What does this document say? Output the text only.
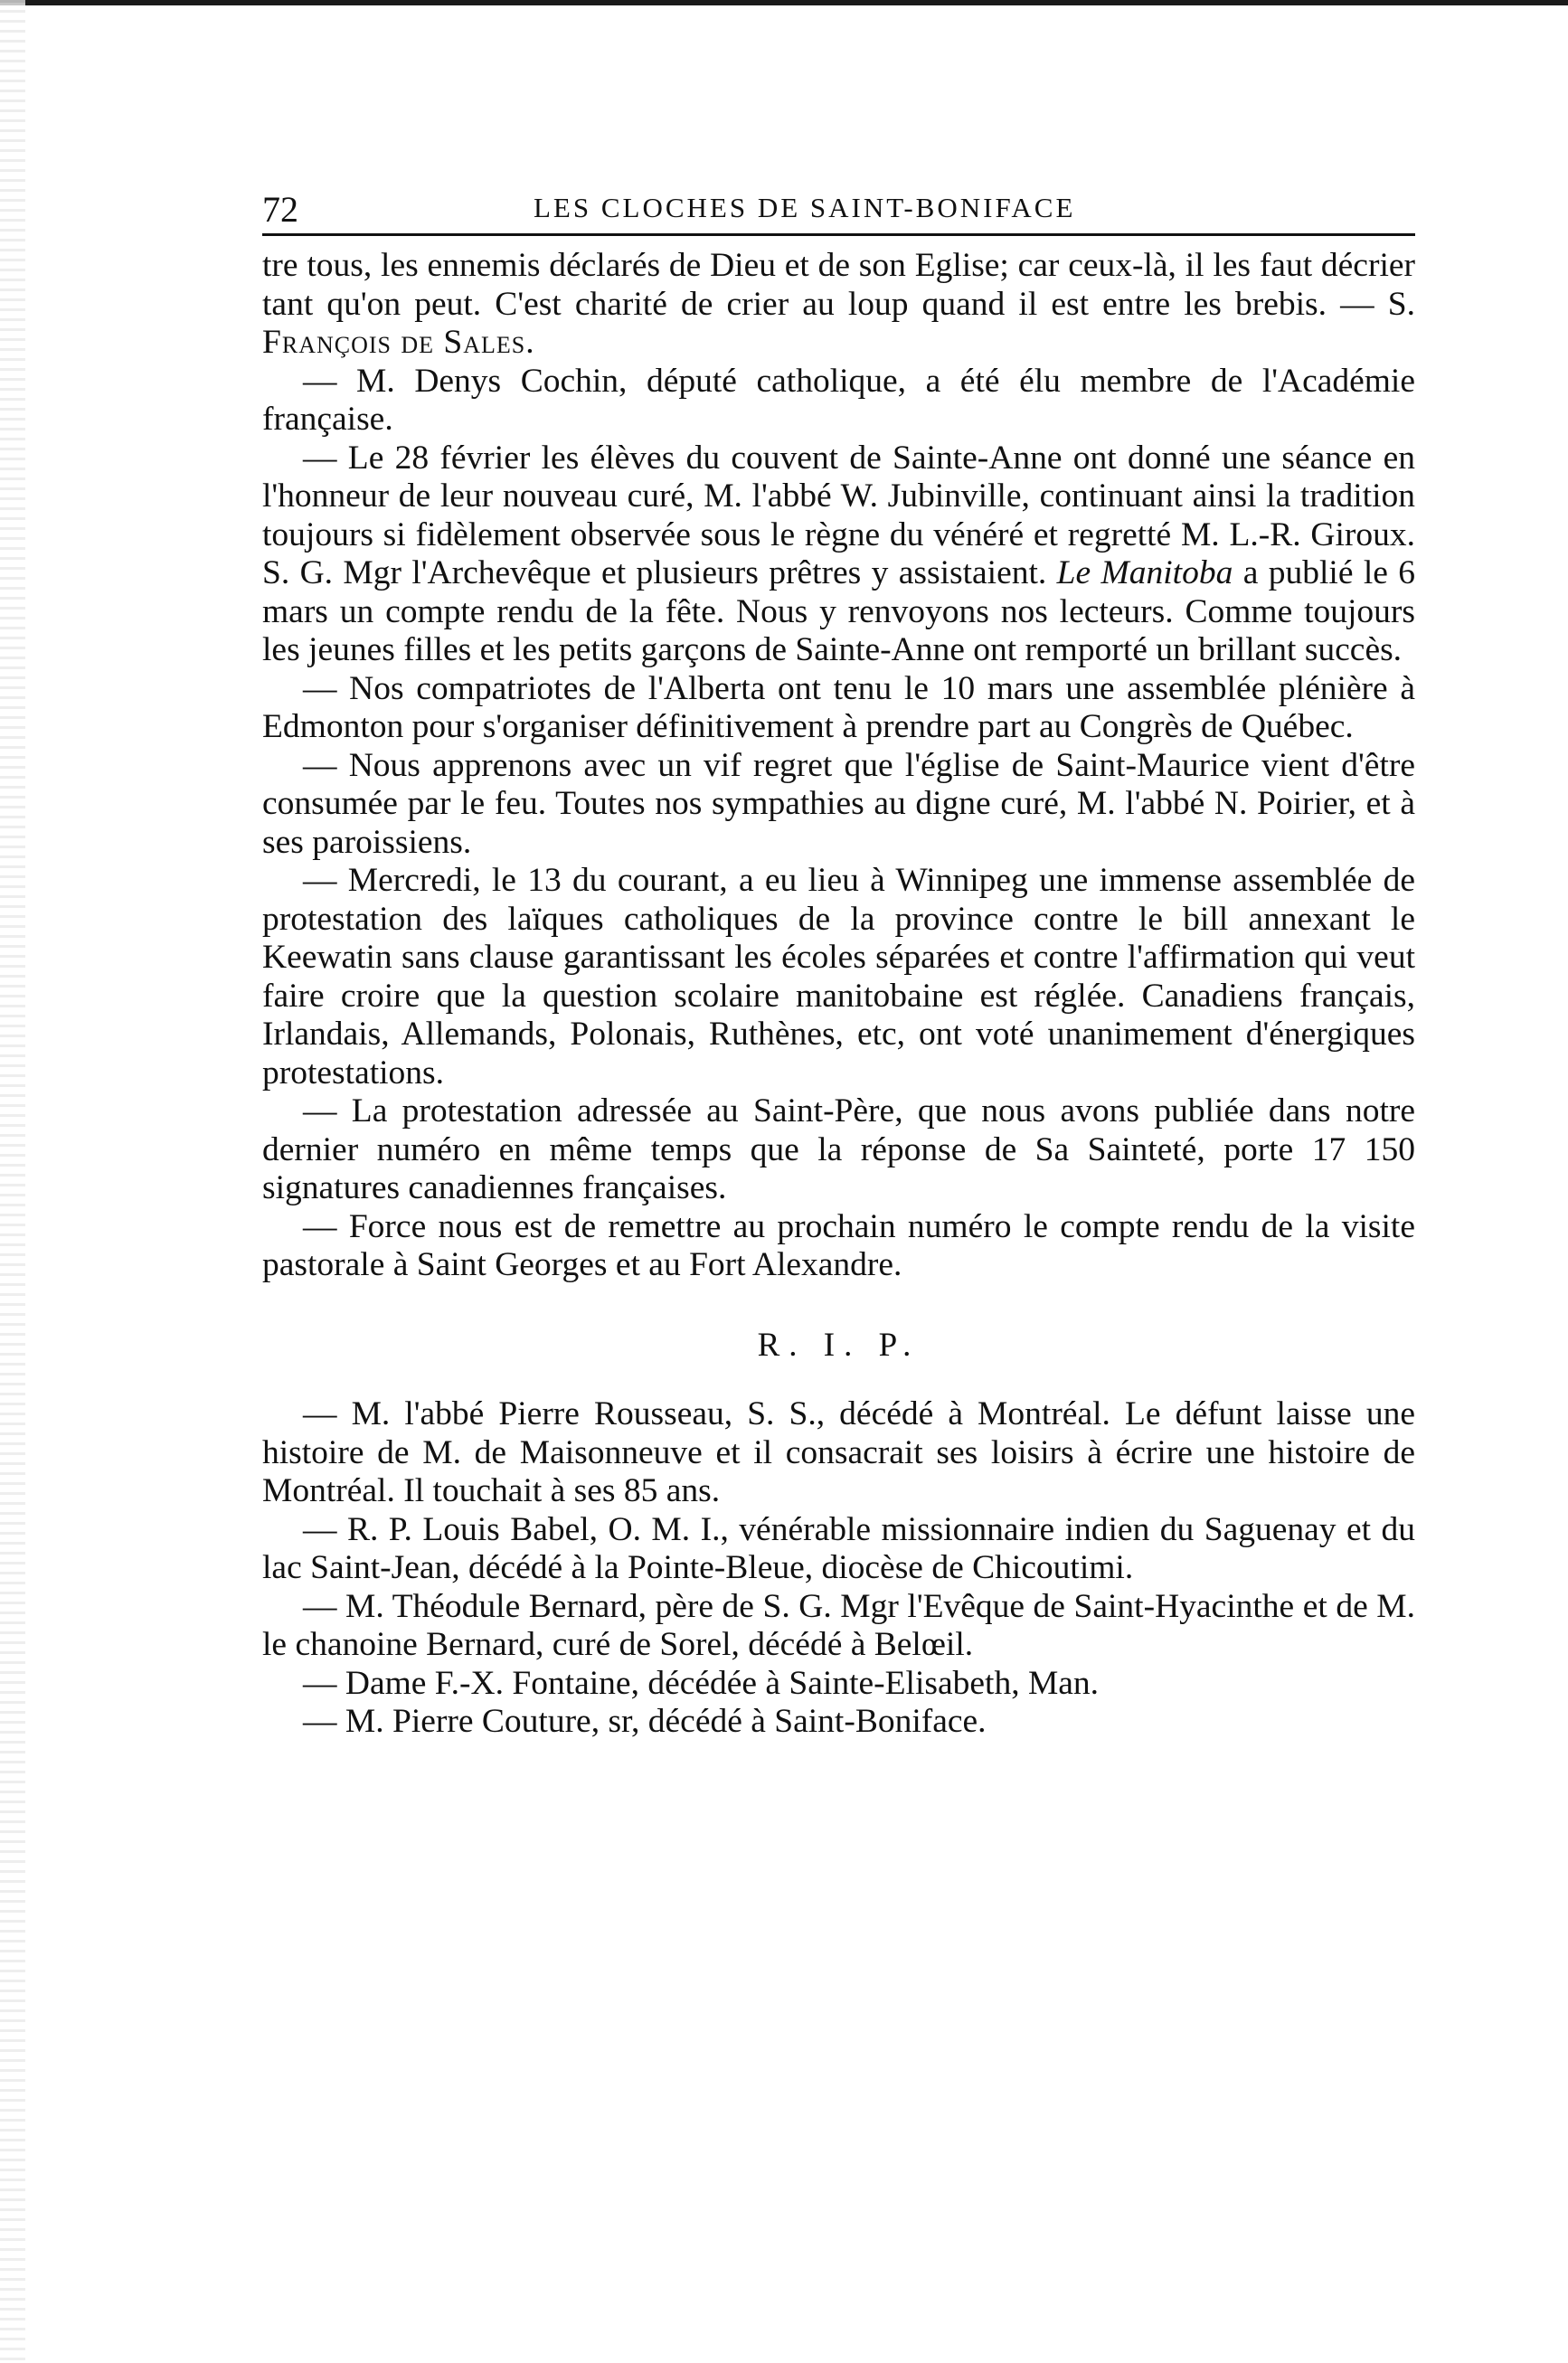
72	LES CLOCHES DE SAINT-BONIFACE

tre tous, les ennemis déclarés de Dieu et de son Eglise; car ceux-là, il les faut décrier tant qu'on peut. C'est charité de crier au loup quand il est entre les brebis. — S. François de Sales.

— M. Denys Cochin, député catholique, a été élu membre de l'Académie française.

— Le 28 février les élèves du couvent de Sainte-Anne ont donné une séance en l'honneur de leur nouveau curé, M. l'abbé W. Jubinville, continuant ainsi la tradition toujours si fidèlement observée sous le règne du vénéré et regretté M. L.-R. Giroux. S. G. Mgr l'Archevêque et plusieurs prêtres y assistaient. Le Manitoba a publié le 6 mars un compte rendu de la fête. Nous y renvoyons nos lecteurs. Comme toujours les jeunes filles et les petits garçons de Sainte-Anne ont remporté un brillant succès.

— Nos compatriotes de l'Alberta ont tenu le 10 mars une assemblée plénière à Edmonton pour s'organiser définitivement à prendre part au Congrès de Québec.

— Nous apprenons avec un vif regret que l'église de Saint-Maurice vient d'être consumée par le feu. Toutes nos sympathies au digne curé, M. l'abbé N. Poirier, et à ses paroissiens.

— Mercredi, le 13 du courant, a eu lieu à Winnipeg une immense assemblée de protestation des laïques catholiques de la province contre le bill annexant le Keewatin sans clause garantissant les écoles séparées et contre l'affirmation qui veut faire croire que la question scolaire manitobaine est réglée. Canadiens français, Irlandais, Allemands, Polonais, Ruthènes, etc, ont voté unanimement d'énergiques protestations.

— La protestation adressée au Saint-Père, que nous avons publiée dans notre dernier numéro en même temps que la réponse de Sa Sainteté, porte 17 150 signatures canadiennes françaises.

— Force nous est de remettre au prochain numéro le compte rendu de la visite pastorale à Saint Georges et au Fort Alexandre.

R. I. P.

— M. l'abbé Pierre Rousseau, S. S., décédé à Montréal. Le défunt laisse une histoire de M. de Maisonneuve et il consacrait ses loisirs à écrire une histoire de Montréal. Il touchait à ses 85 ans.

— R. P. Louis Babel, O. M. I., vénérable missionnaire indien du Saguenay et du lac Saint-Jean, décédé à la Pointe-Bleue, diocèse de Chicoutimi.

— M. Théodule Bernard, père de S. G. Mgr l'Evêque de Saint-Hyacinthe et de M. le chanoine Bernard, curé de Sorel, décédé à Belœil.

— Dame F.-X. Fontaine, décédée à Sainte-Elisabeth, Man.

— M. Pierre Couture, sr, décédé à Saint-Boniface.
